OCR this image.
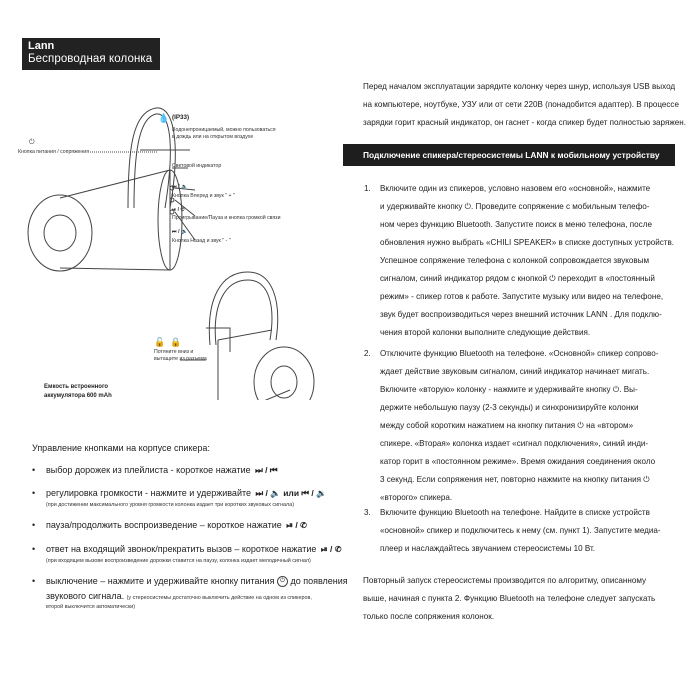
Lann
Беспроводная колонка
🔓 🔒
(IP33)
💧
Водонепроницаемый, можно пользоваться
в дождь или на открытом воздухе
⏻
Кнопка питания / сопряжения
Световой индикатор
⏭ / 🔈
Кнопка Вперед и звук " + "
⏯ / ✆
Проигрывание/Пауза и кнопка громкой связи
⏮ / 🔉
Кнопка Назад и звук " - "
Потяните вниз и
вытащите из разъема
Емкость встроенного
аккумулятора 600 mAh
Управление кнопками на корпусе спикера:
• выбор дорожек из плейлиста - короткое нажатие ⏭ / ⏮
• регулировка громкости - нажмите и удерживайте ⏭ / 🔈 или ⏮ / 🔉
(при достижении максимального уровня громкости колонка издает три коротких звуковых сигнала)
• пауза/продолжить воспроизведение – короткое нажатие ⏯ / ✆
• ответ на входящий звонок/прекратить вызов – короткое нажатие ⏯ / ✆
(при входящем вызове воспроизведение дорожки ставится на паузу, колонка издает мелодичный сигнал)
• выключение – нажмите и удерживайте кнопку питания ⏻ до появления
звукового сигнала. (у стереосистемы достаточно выключить действие на одном из спикеров,
второй выключится автоматически)
Перед началом эксплуатации зарядите колонку через шнур, используя USB выход
на компьютере, ноутбуке, УЗУ или от сети 220В (понадобится адаптер). В процессе
зарядки горит красный индикатор, он гаснет - когда спикер будет полностью заряжен.
Подключение спикера/стереосистемы LANN к мобильному устройству
1. Включите один из спикеров, условно назовем его «основной», нажмите
и удерживайте кнопку ⏻. Проведите сопряжение с мобильным телефо-
ном через функцию Bluetooth. Запустите поиск в меню телефона, после
обновления нужно выбрать «CHILI SPEAKER» в списке доступных устройств.
Успешное сопряжение телефона с колонкой сопровождается звуковым
сигналом, синий индикатор рядом с кнопкой ⏻ переходит в «постоянный
режим» - спикер готов к работе. Запустите музыку или видео на телефоне,
звук будет воспроизводиться через внешний источник LANN . Для подклю-
чения второй колонки выполните следующие действия.
2. Отключите функцию Bluetooth на телефоне. «Основной» спикер сопрово-
ждает действие звуковым сигналом, синий индикатор начинает мигать.
Включите «вторую» колонку - нажмите и удерживайте кнопку ⏻. Вы-
держите небольшую паузу (2-3 секунды) и синхронизируйте колонки
между собой коротким нажатием на кнопку питания ⏻ на «втором»
спикере. «Вторая» колонка издает «сигнал подключения», синий инди-
катор горит в «постоянном режиме». Время ожидания соединения около
3 секунд. Если сопряжения нет, повторно нажмите на кнопку питания ⏻
«второго» спикера.
3. Включите функцию Bluetooth на телефоне. Найдите в списке устройств
«основной» спикер и подключитесь к нему (см. пункт 1). Запустите медиа-
плеер и наслаждайтесь звучанием стереосистемы 10 Вт.
Повторный запуск стереосистемы производится по алгоритму, описанному
выше, начиная с пункта 2. Функцию Bluetooth на телефоне следует запускать
только после сопряжения колонок.
